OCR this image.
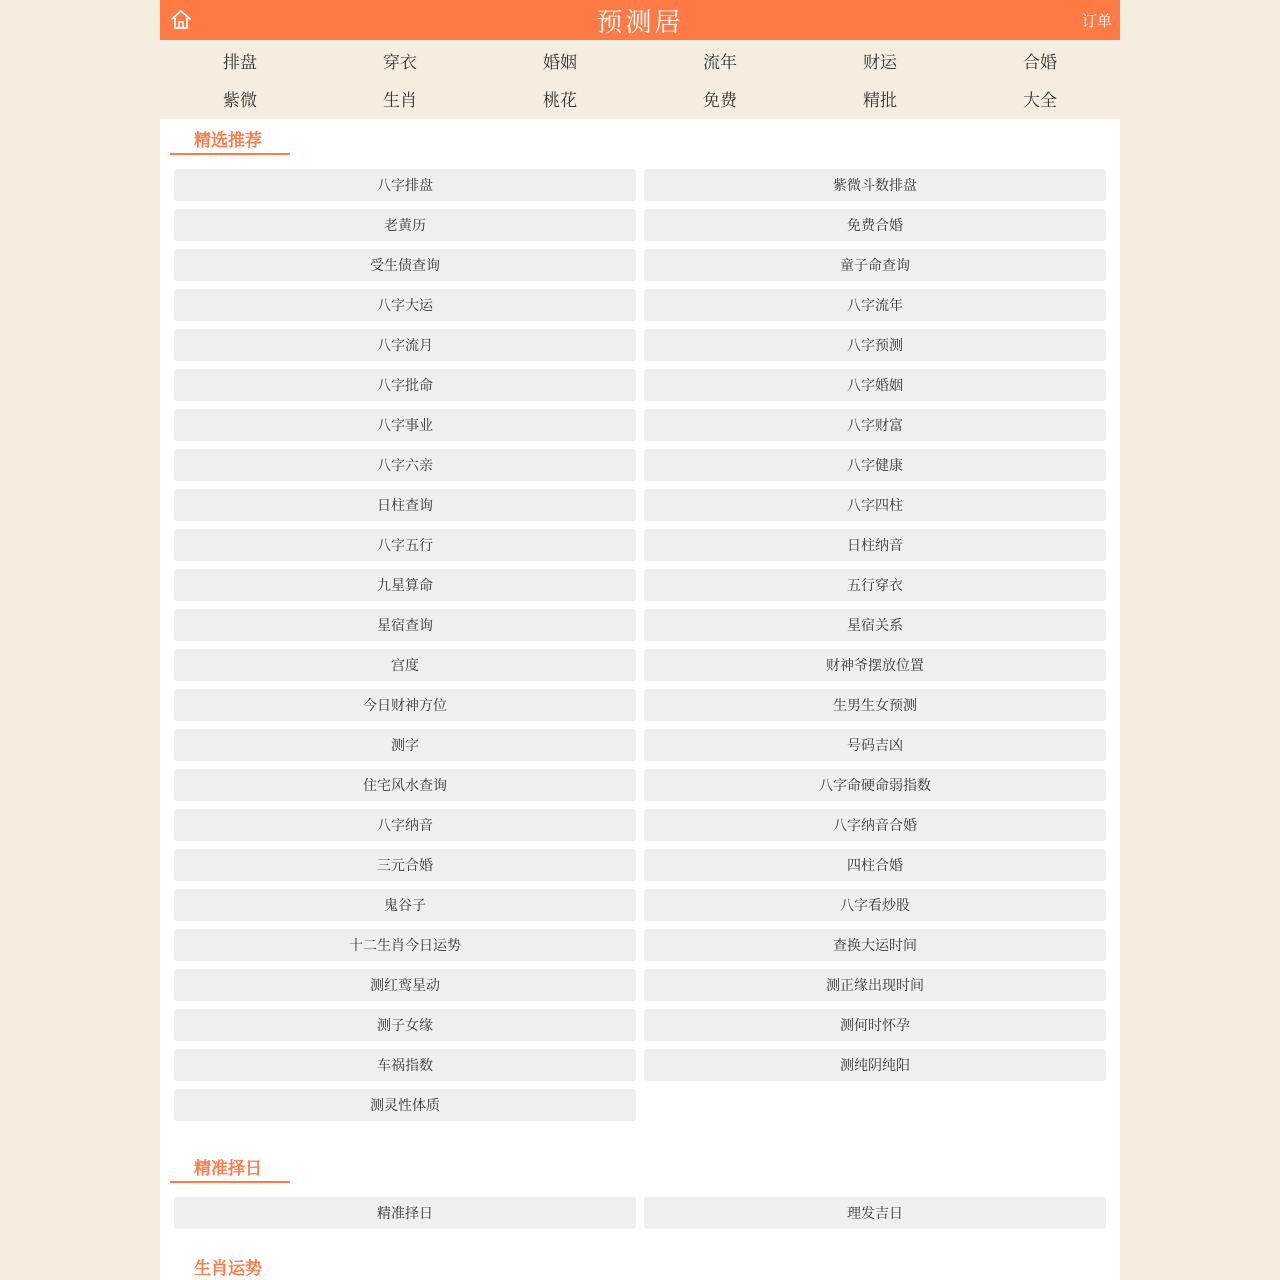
预测居	订单
排盘	穿衣	婚姻	流年	财运	合婚
紫微	生肖	桃花	免费	精批	大全
精选推荐
八字排盘	紫微斗数排盘
老黄历	免费合婚
受生债查询	童子命查询
八字大运	八字流年
八字流月	八字预测
八字批命	八字婚姻
八字事业	八字财富
八字六亲	八字健康
日柱查询	八字四柱
八字五行	日柱纳音
九星算命	五行穿衣
星宿查询	星宿关系
宫度	财神爷摆放位置
今日财神方位	生男生女预测
测字	号码吉凶
住宅风水查询	八字命硬命弱指数
八字纳音	八字纳音合婚
三元合婚	四柱合婚
鬼谷子	八字看炒股
十二生肖今日运势	查换大运时间
测红鸾星动	测正缘出现时间
测子女缘	测何时怀孕
车祸指数	测纯阴纯阳
测灵性体质
精准择日
精准择日	理发吉日
生肖运势
